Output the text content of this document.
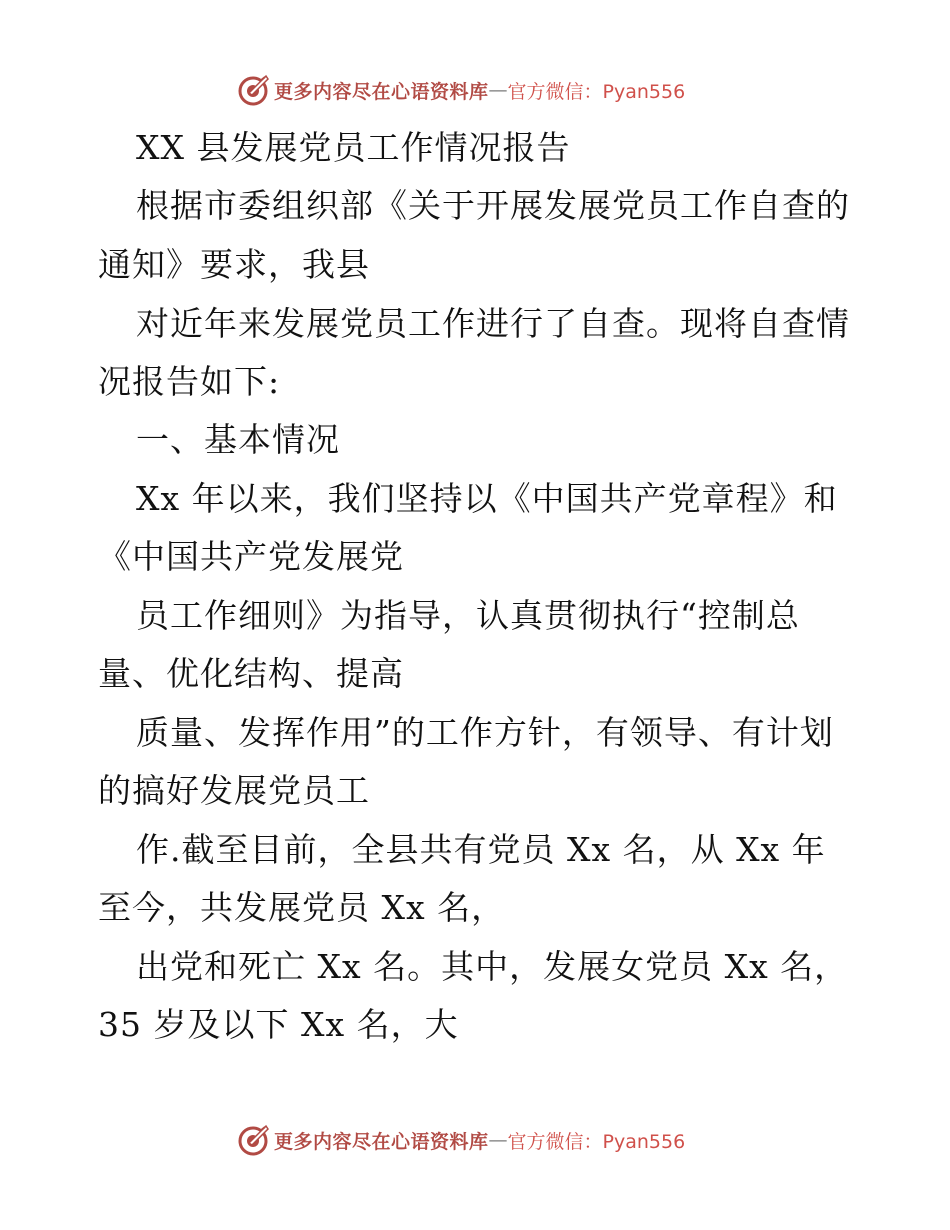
更多内容尽在心语资料库 — 官方微信：Pyan556
XX 县发展党员工作情况报告
根据市委组织部《关于开展发展党员工作自查的
通知》要求，我县
对近年来发展党员工作进行了自查。现将自查情
况报告如下:
一、基本情况
Xx 年以来，我们坚持以《中国共产党章程》和
《中国共产党发展党
员工作细则》为指导，认真贯彻执行“控制总
量、优化结构、提高
质量、发挥作用”的工作方针，有领导、有计划
的搞好发展党员工
作.截至目前，全县共有党员 Xx 名，从 Xx 年
至今，共发展党员 Xx 名，
出党和死亡 Xx 名。其中，发展女党员 Xx 名，
35 岁及以下 Xx 名，大
更多内容尽在心语资料库 — 官方微信：Pyan556
